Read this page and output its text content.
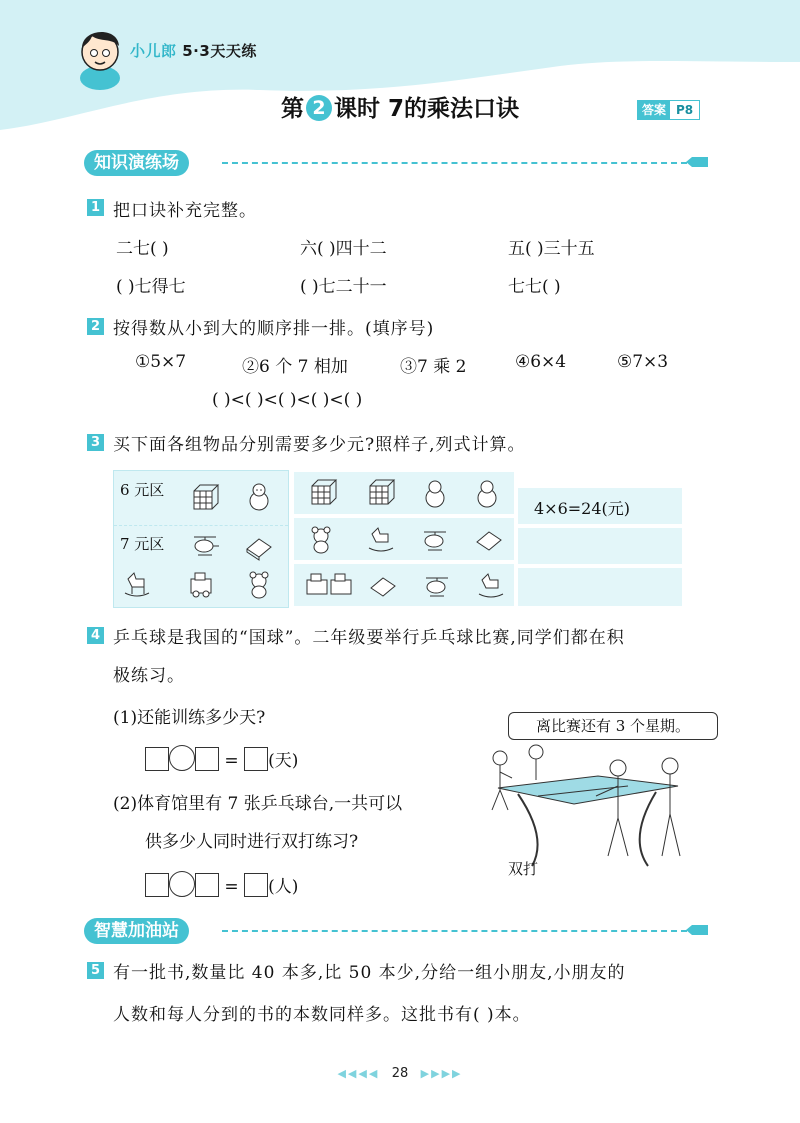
小儿郎 5·3天天练
第 2 课时 7的乘法口诀	答案 P8
知识演练场
1 把口诀补充完整。
二七( )	六( )四十二	五( )三十五
( )七得七	( )七二十一	七七( )
2 按得数从小到大的顺序排一排。(填序号)
①5×7	②6 个 7 相加	③7 乘 2	④6×4	⑤7×3
( )<( )<( )<( )<( )
3 买下面各组物品分别需要多少元?照样子,列式计算。
6 元区
7 元区
4×6=24(元)
4 乒乓球是我国的“国球”。二年级要举行乒乓球比赛,同学们都在积
极练习。
(1)还能训练多少天?
= (天)
(2)体育馆里有 7 张乒乓球台,一共可以
供多少人同时进行双打练习?
= (人)
离比赛还有 3 个星期。
双打
智慧加油站
5 有一批书,数量比 40 本多,比 50 本少,分给一组小朋友,小朋友的
人数和每人分到的书的本数同样多。这批书有( )本。
◀◀◀◀ 28 ▶▶▶▶
